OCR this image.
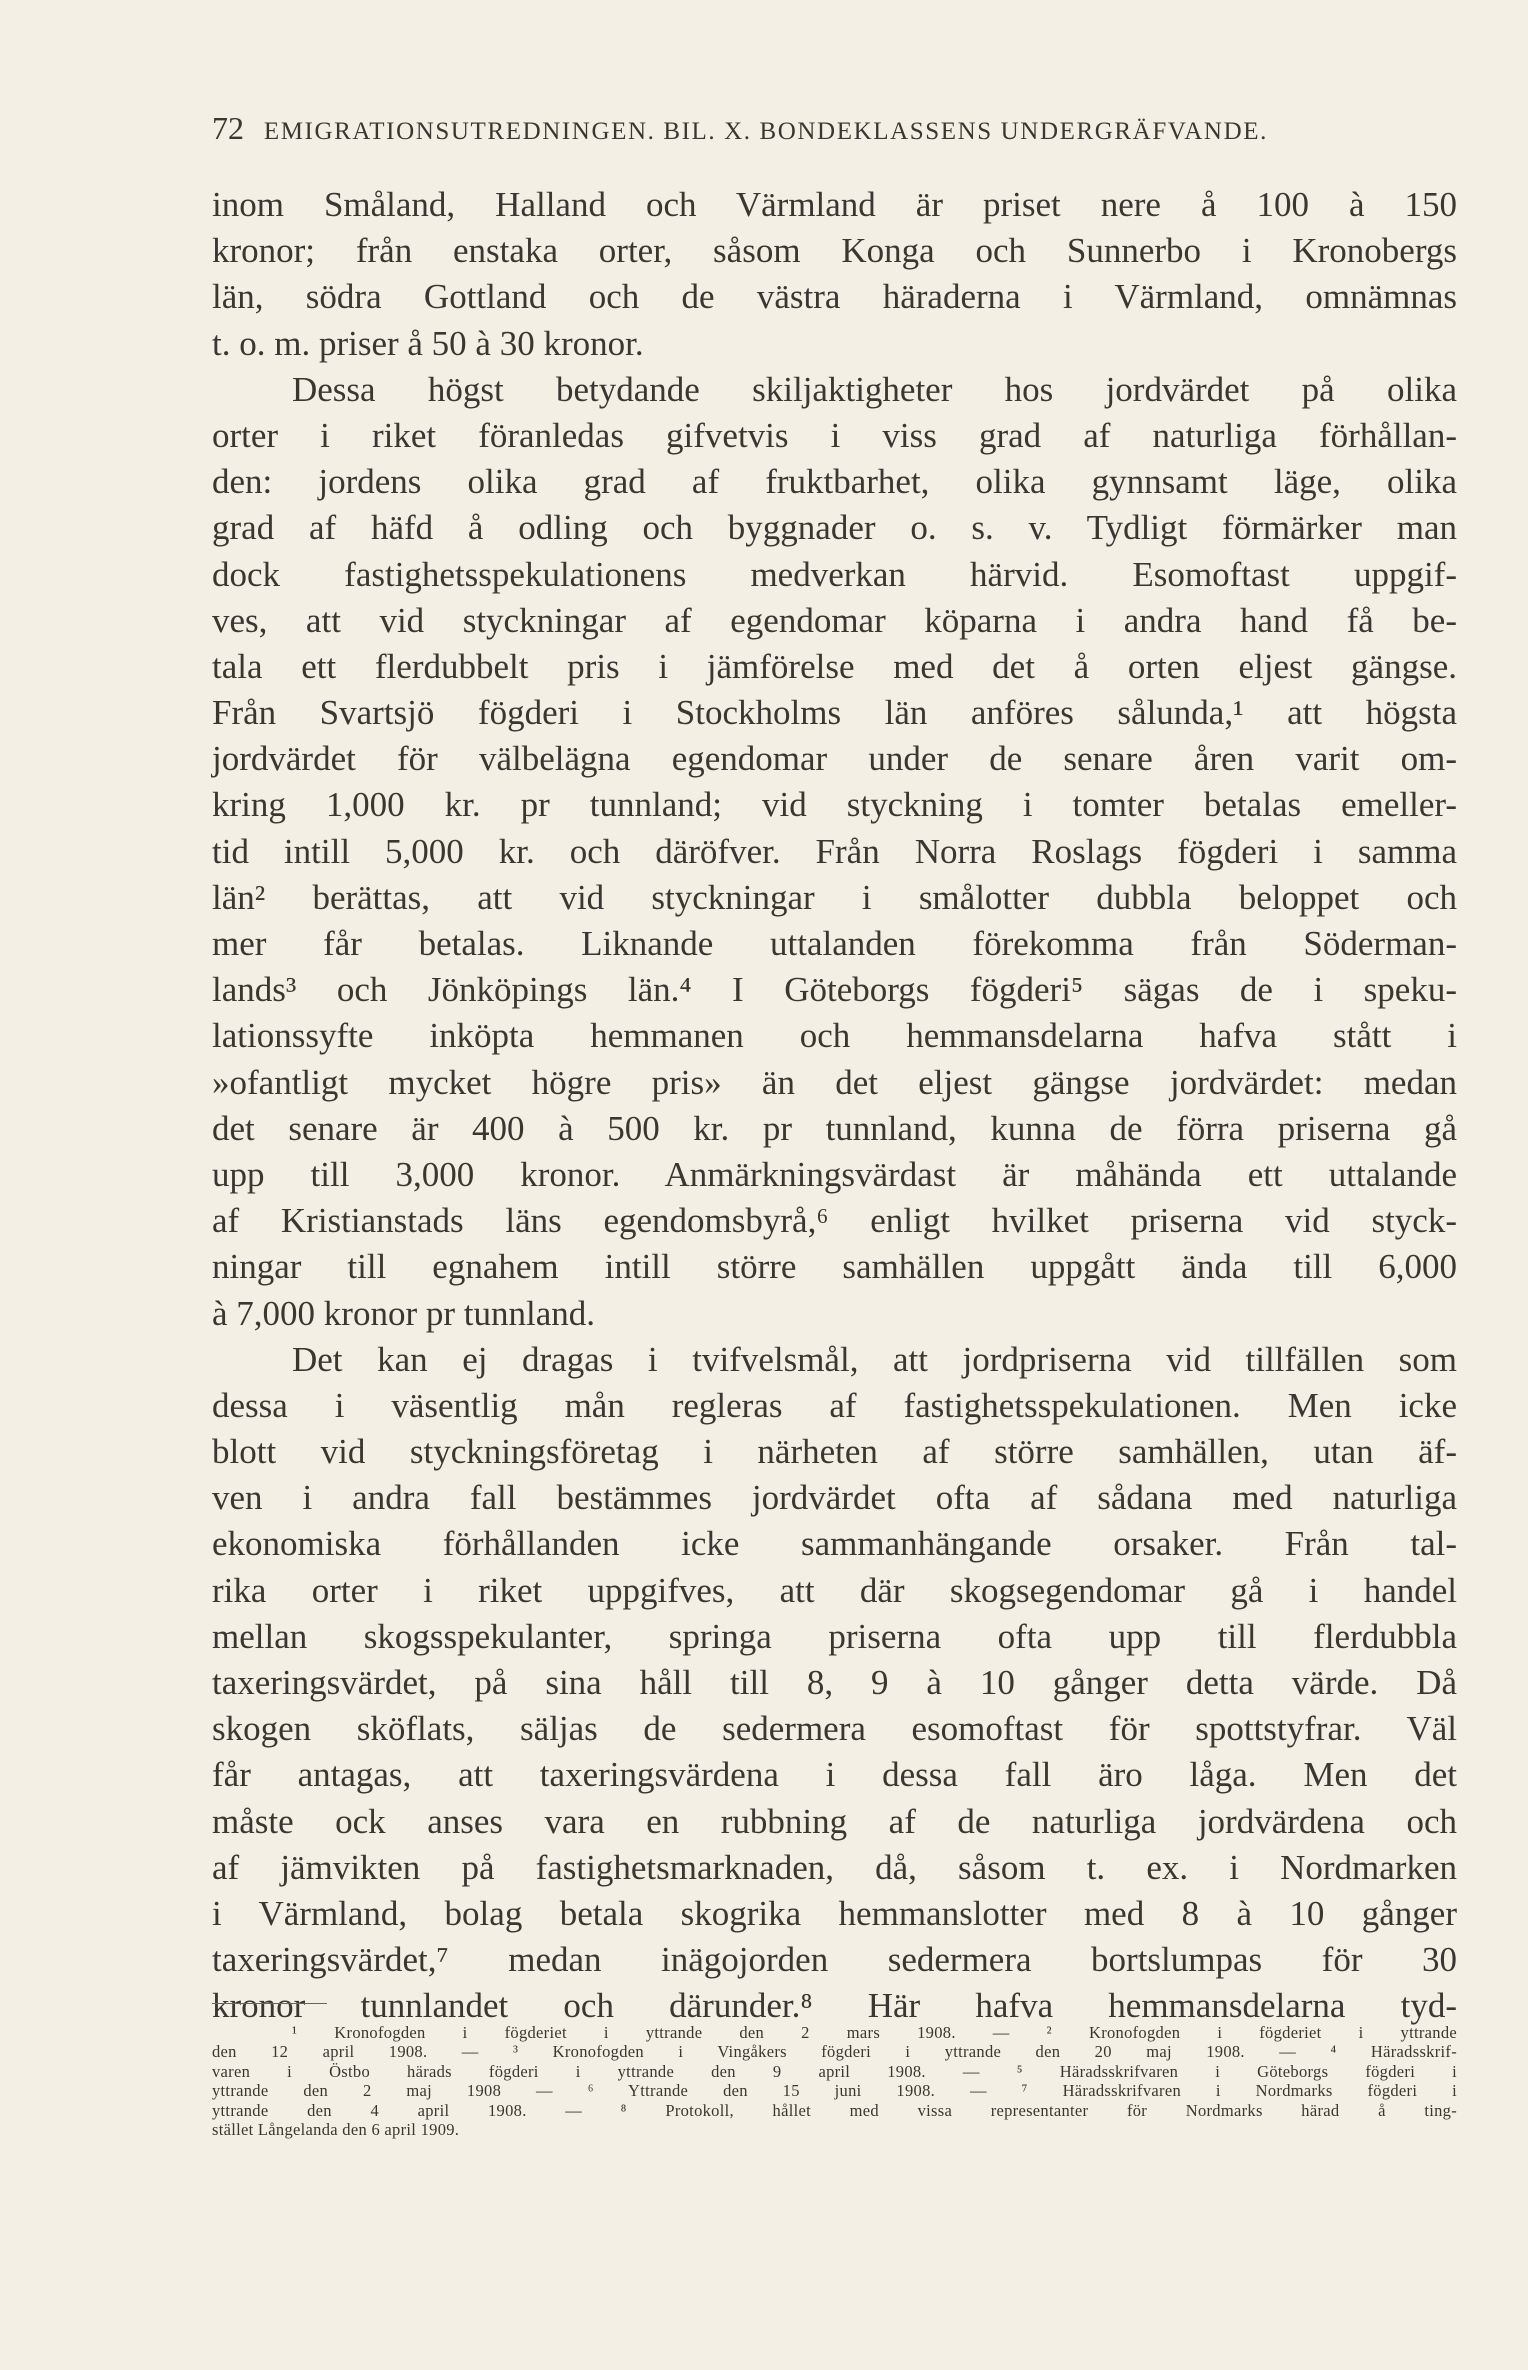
72 EMIGRATIONSUTREDNINGEN. BIL. X. BONDEKLASSENS UNDERGRÄFVANDE.
inom Småland, Halland och Värmland är priset nere å 100 à 150
kronor; från enstaka orter, såsom Konga och Sunnerbo i Kronobergs
län, södra Gottland och de västra häraderna i Värmland, omnämnas
t. o. m. priser å 50 à 30 kronor.
Dessa högst betydande skiljaktigheter hos jordvärdet på olika
orter i riket föranledas gifvetvis i viss grad af naturliga förhållan-
den: jordens olika grad af fruktbarhet, olika gynnsamt läge, olika
grad af häfd å odling och byggnader o. s. v. Tydligt förmärker man
dock fastighetsspekulationens medverkan härvid. Esomoftast uppgif-
ves, att vid styckningar af egendomar köparna i andra hand få be-
tala ett flerdubbelt pris i jämförelse med det å orten eljest gängse.
Från Svartsjö fögderi i Stockholms län anföres sålunda,¹ att högsta
jordvärdet för välbelägna egendomar under de senare åren varit om-
kring 1,000 kr. pr tunnland; vid styckning i tomter betalas emeller-
tid intill 5,000 kr. och däröfver. Från Norra Roslags fögderi i samma
län² berättas, att vid styckningar i smålotter dubbla beloppet och
mer får betalas. Liknande uttalanden förekomma från Söderman-
lands³ och Jönköpings län.⁴ I Göteborgs fögderi⁵ sägas de i speku-
lationssyfte inköpta hemmanen och hemmansdelarna hafva stått i
»ofantligt mycket högre pris» än det eljest gängse jordvärdet: medan
det senare är 400 à 500 kr. pr tunnland, kunna de förra priserna gå
upp till 3,000 kronor. Anmärkningsvärdast är måhända ett uttalande
af Kristianstads läns egendomsbyrå,⁶ enligt hvilket priserna vid styck-
ningar till egnahem intill större samhällen uppgått ända till 6,000
à 7,000 kronor pr tunnland.
Det kan ej dragas i tvifvelsmål, att jordpriserna vid tillfällen som
dessa i väsentlig mån regleras af fastighetsspekulationen. Men icke
blott vid styckningsföretag i närheten af större samhällen, utan äf-
ven i andra fall bestämmes jordvärdet ofta af sådana med naturliga
ekonomiska förhållanden icke sammanhängande orsaker. Från tal-
rika orter i riket uppgifves, att där skogsegendomar gå i handel
mellan skogsspekulanter, springa priserna ofta upp till flerdubbla
taxeringsvärdet, på sina håll till 8, 9 à 10 gånger detta värde. Då
skogen sköflats, säljas de sedermera esomoftast för spottstyfrar. Väl
får antagas, att taxeringsvärdena i dessa fall äro låga. Men det
måste ock anses vara en rubbning af de naturliga jordvärdena och
af jämvikten på fastighetsmarknaden, då, såsom t. ex. i Nordmarken
i Värmland, bolag betala skogrika hemmanslotter med 8 à 10 gånger
taxeringsvärdet,⁷ medan inägojorden sedermera bortslumpas för 30
kronor tunnlandet och därunder.⁸ Här hafva hemmansdelarna tyd-
¹ Kronofogden i fögderiet i yttrande den 2 mars 1908. — ² Kronofogden i fögderiet i yttrande
den 12 april 1908. — ³ Kronofogden i Vingåkers fögderi i yttrande den 20 maj 1908. — ⁴ Häradsskrif-
varen i Östbo härads fögderi i yttrande den 9 april 1908. — ⁵ Häradsskrifvaren i Göteborgs fögderi i
yttrande den 2 maj 1908 — ⁶ Yttrande den 15 juni 1908. — ⁷ Häradsskrifvaren i Nordmarks fögderi i
yttrande den 4 april 1908. — ⁸ Protokoll, hållet med vissa representanter för Nordmarks härad å ting-
stället Långelanda den 6 april 1909.
